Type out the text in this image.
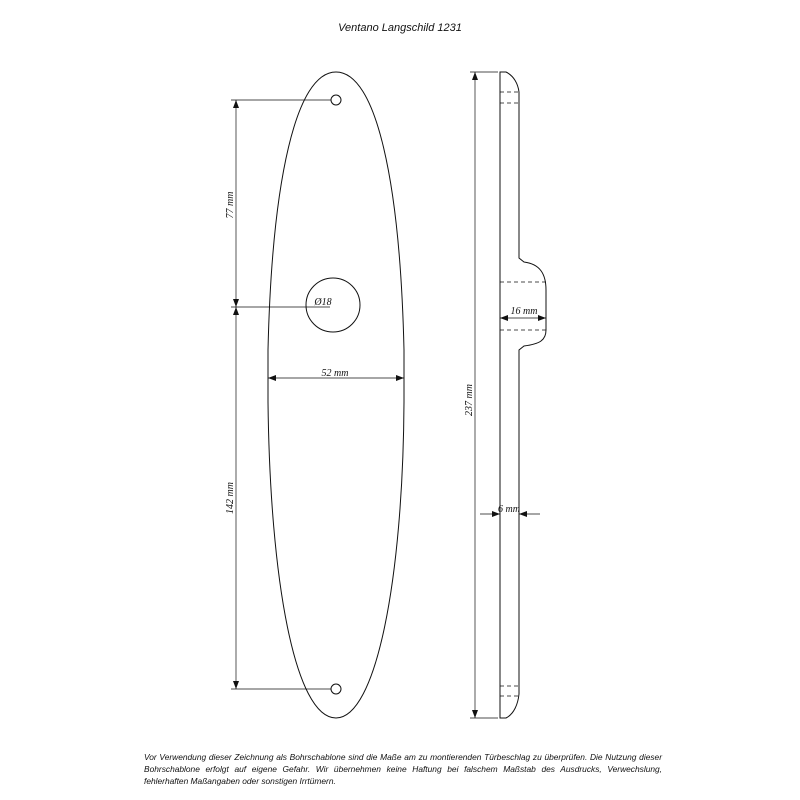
Ventano Langschild 1231
77 mm
142 mm
52 mm
Ø18
237 mm
16 mm
6 mm
Vor Verwendung dieser Zeichnung als Bohrschablone sind die Maße am zu montierenden Türbeschlag zu überprüfen. Die Nutzung dieser Bohrschablone erfolgt auf eigene Gefahr. Wir übernehmen keine Haftung bei falschem Maßstab des Ausdrucks, Verwechslung, fehlerhaften Maßangaben oder sonstigen Irrtümern.
